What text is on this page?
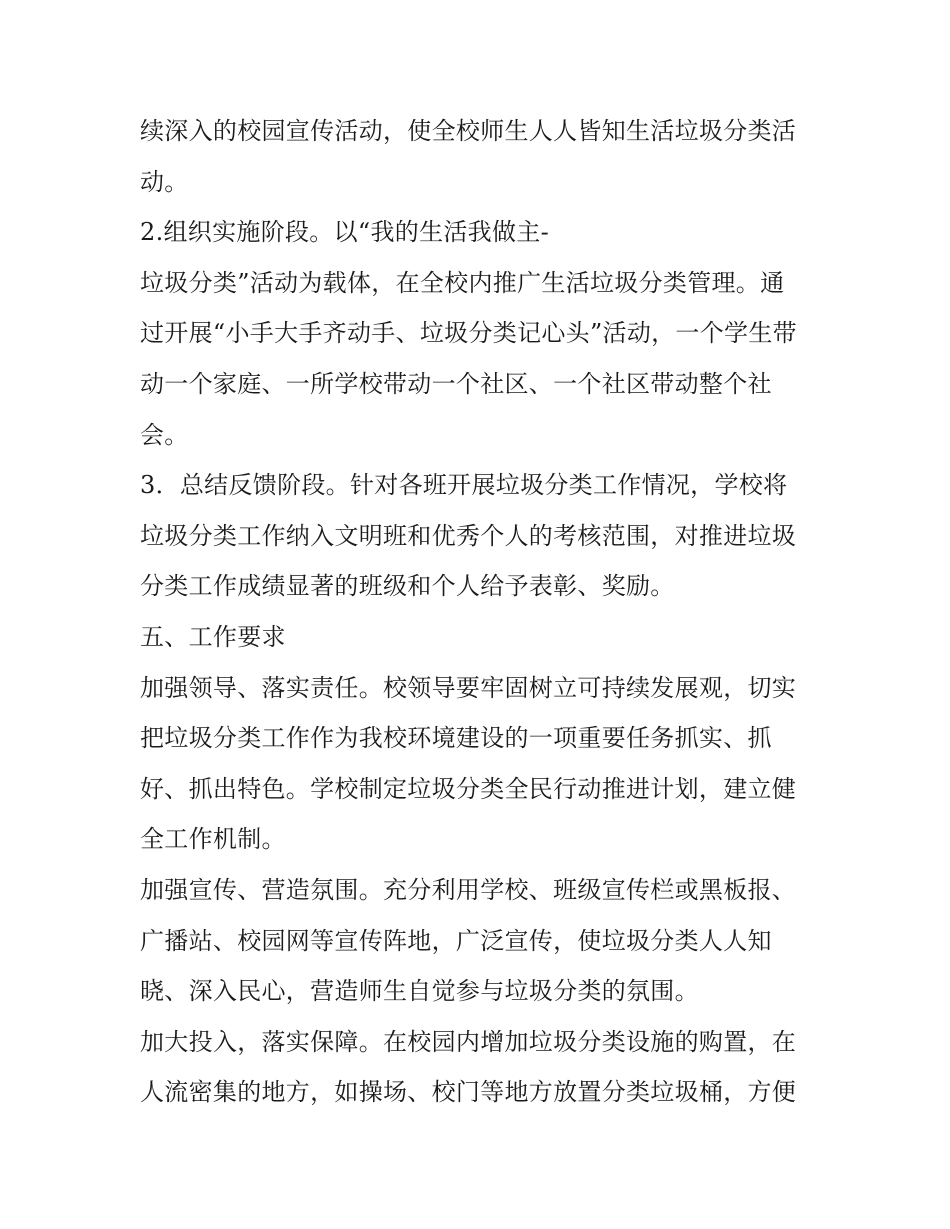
续深入的校园宣传活动，使全校师生人人皆知生活垃圾分类活
动。
2.组织实施阶段。以“我的生活我做主-
垃圾分类”活动为载体，在全校内推广生活垃圾分类管理。通
过开展“小手大手齐动手、垃圾分类记心头”活动，一个学生带
动一个家庭、一所学校带动一个社区、一个社区带动整个社
会。
3．总结反馈阶段。针对各班开展垃圾分类工作情况，学校将
垃圾分类工作纳入文明班和优秀个人的考核范围，对推进垃圾
分类工作成绩显著的班级和个人给予表彰、奖励。
五、工作要求
加强领导、落实责任。校领导要牢固树立可持续发展观，切实
把垃圾分类工作作为我校环境建设的一项重要任务抓实、抓
好、抓出特色。学校制定垃圾分类全民行动推进计划，建立健
全工作机制。
加强宣传、营造氛围。充分利用学校、班级宣传栏或黑板报、
广播站、校园网等宣传阵地，广泛宣传，使垃圾分类人人知
晓、深入民心，营造师生自觉参与垃圾分类的氛围。
加大投入，落实保障。在校园内增加垃圾分类设施的购置，在
人流密集的地方，如操场、校门等地方放置分类垃圾桶，方便
